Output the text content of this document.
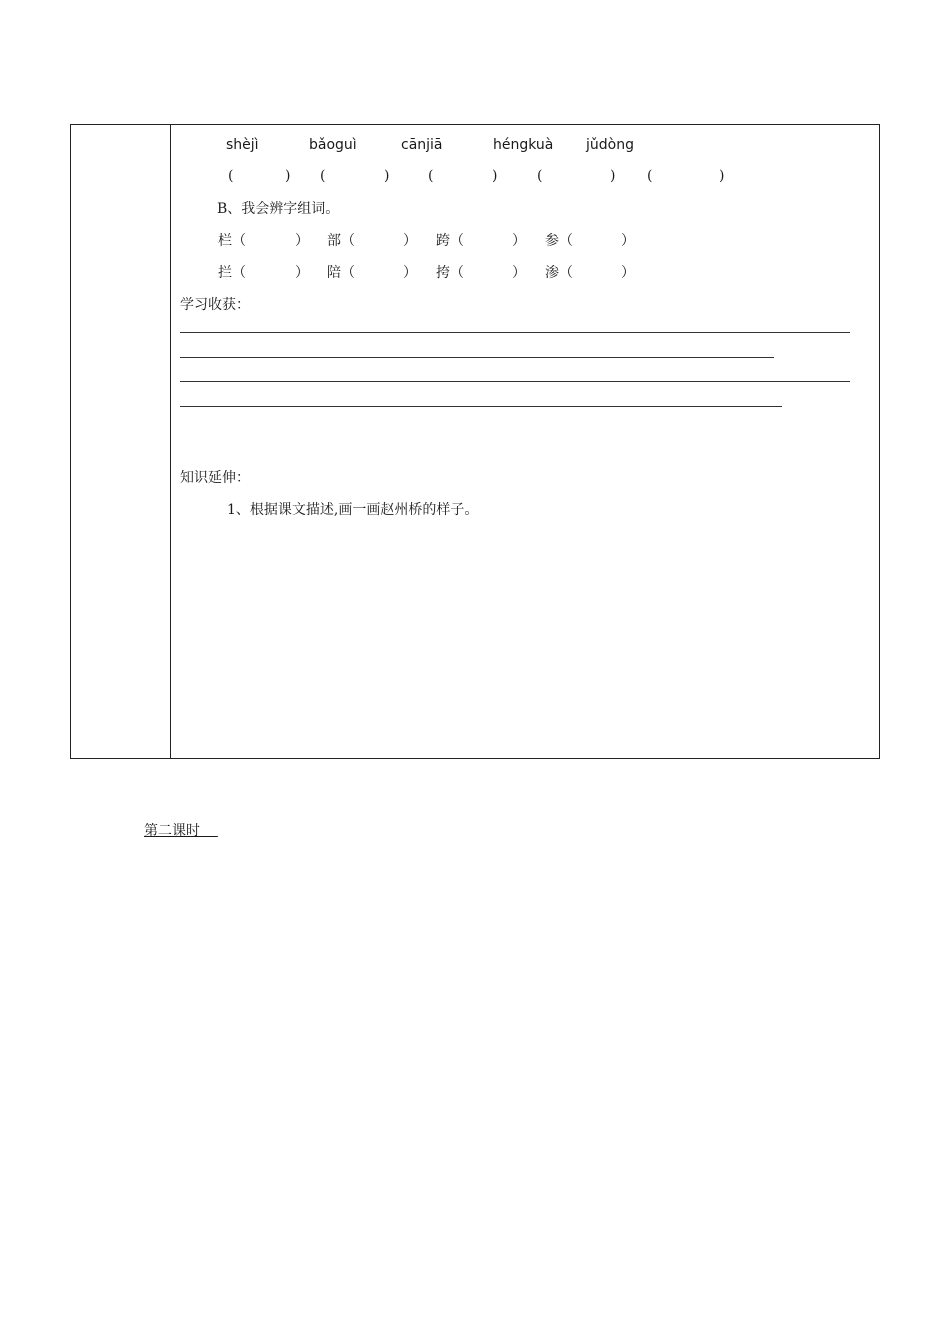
shèjì	bǎoguì	cānjiā	héngkuà jǔdòng
(	) (	)	(	)	(	) (	)
B、我会辨字组词。
栏（	） 部（	） 跨（	） 参（	）
拦（	） 陪（	） 挎（	） 渗（	）
学习收获：
知识延伸：
1、根据课文描述,画一画赵州桥的样子。
第二课时
